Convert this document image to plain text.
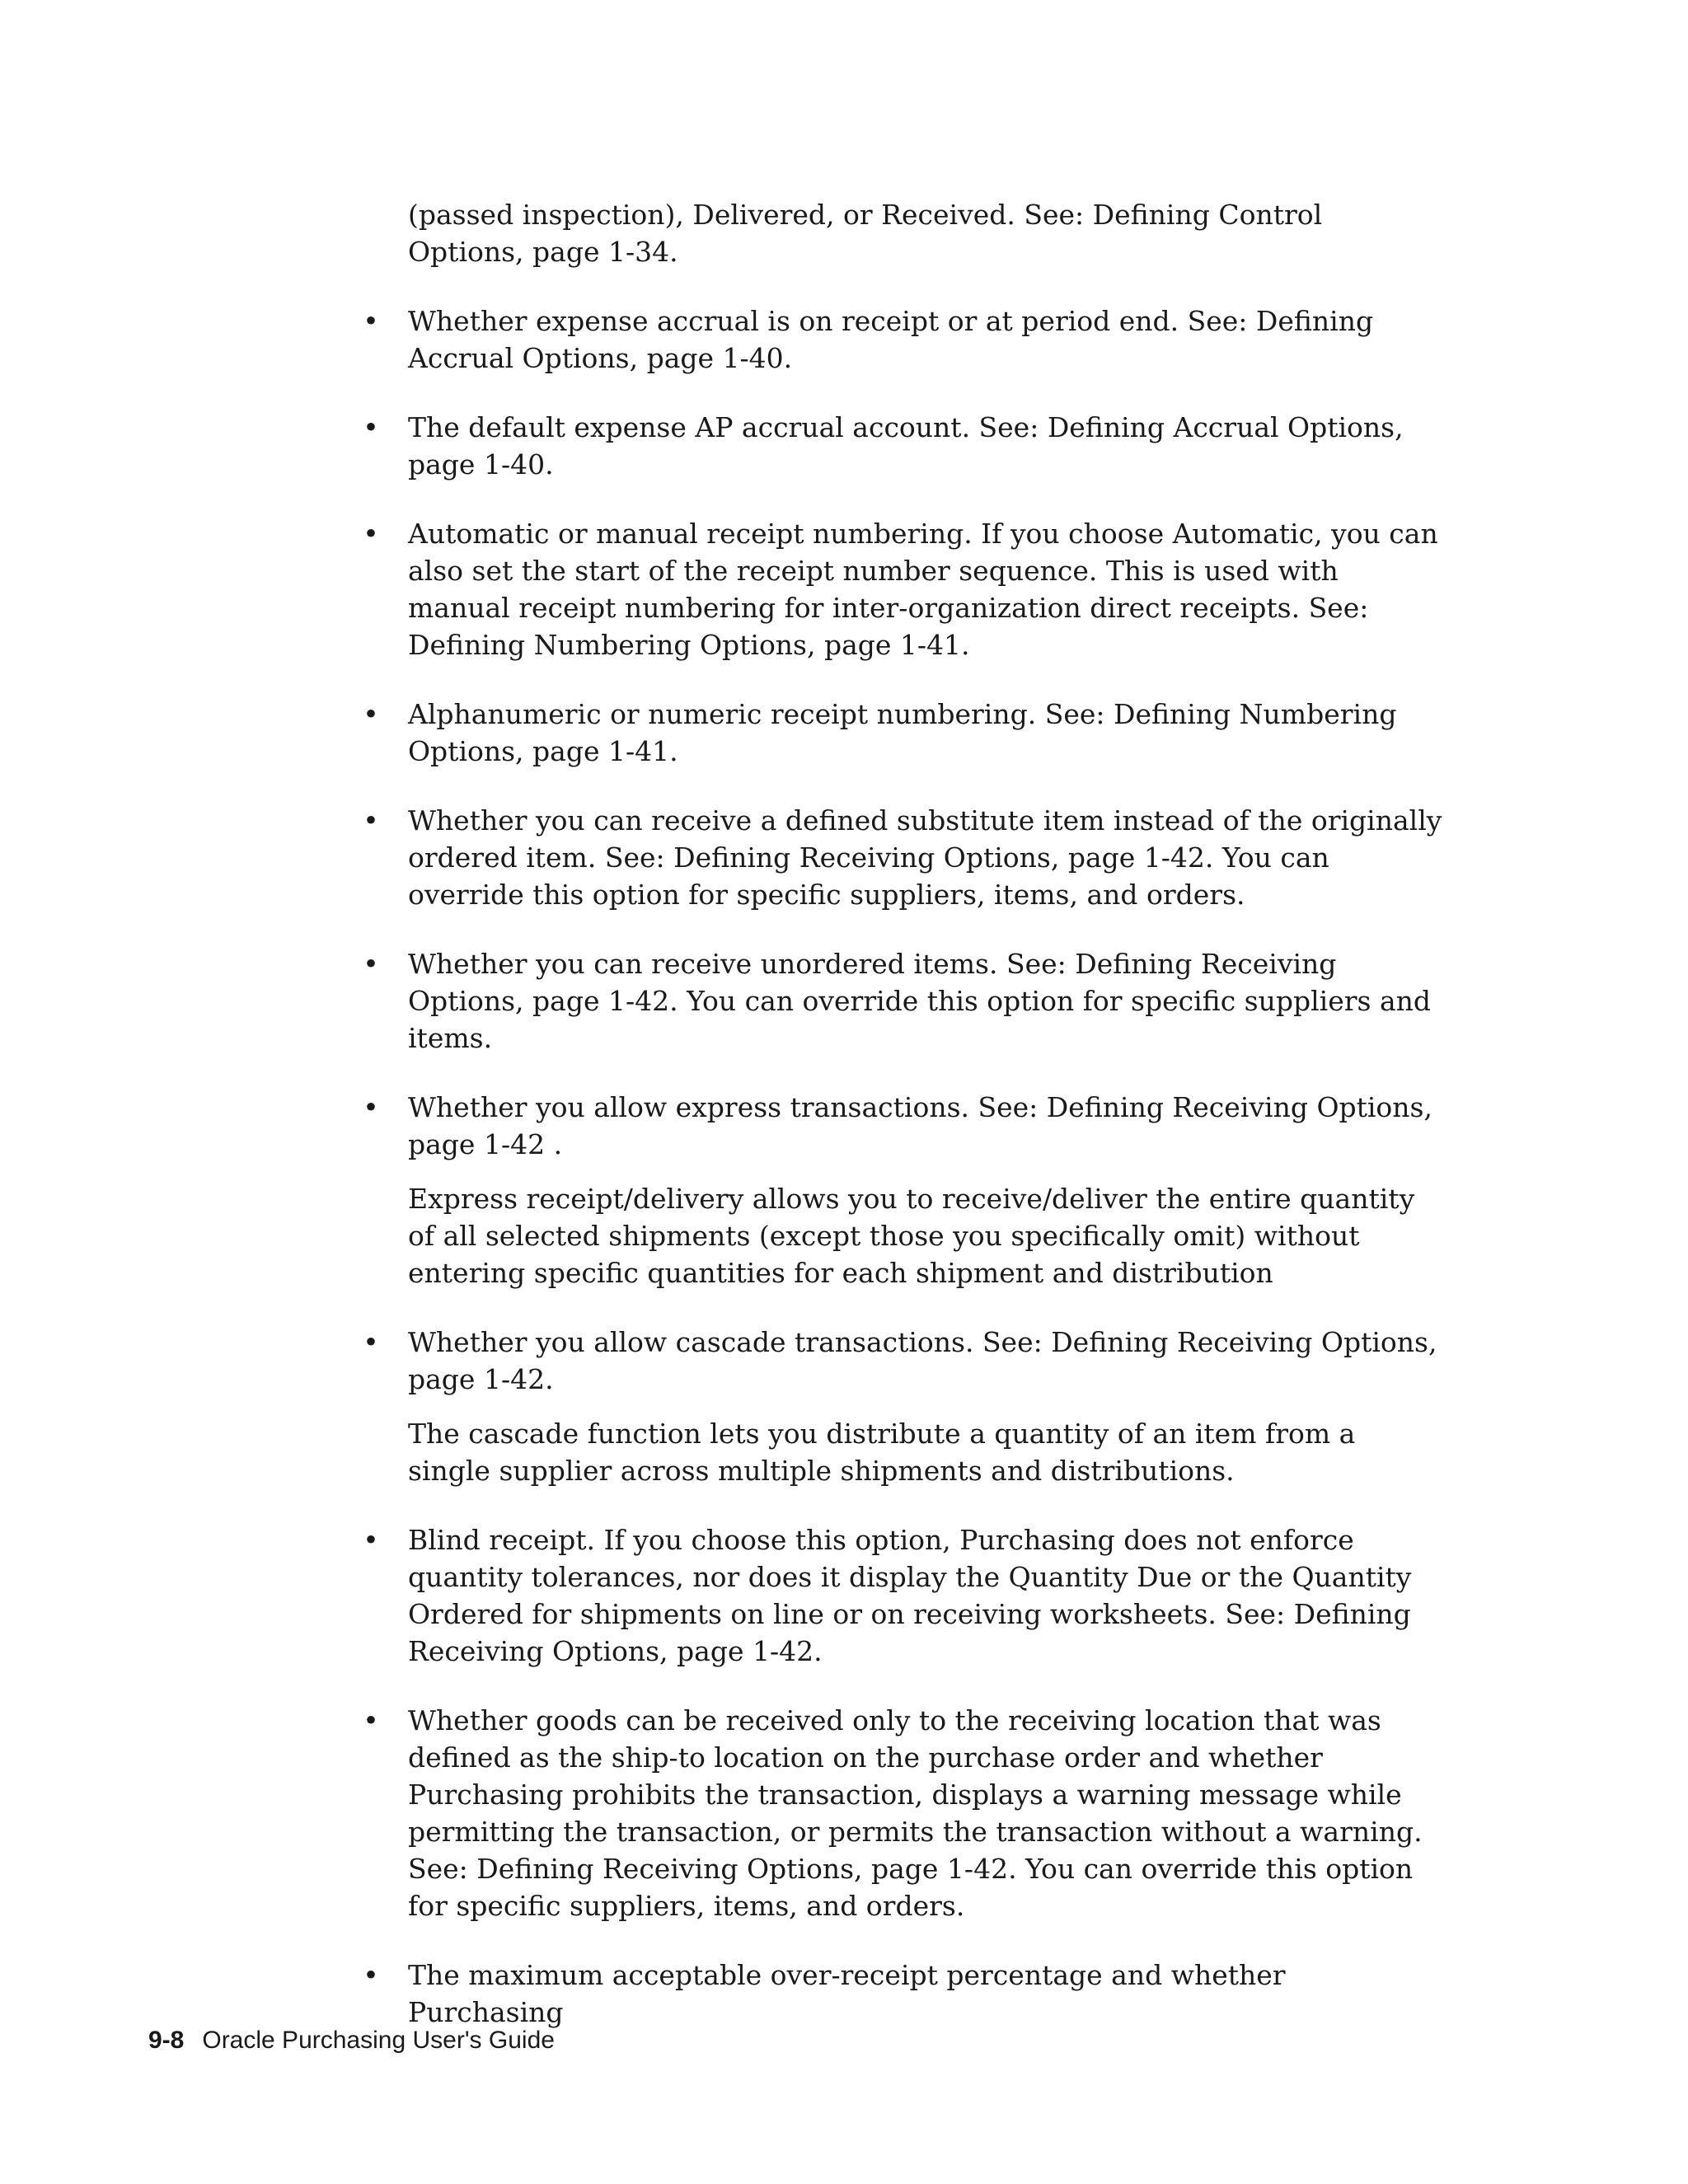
(passed inspection), Delivered, or Received. See: Defining Control Options, page 1-34.

• Whether expense accrual is on receipt or at period end. See: Defining Accrual Options, page 1-40.
• The default expense AP accrual account. See: Defining Accrual Options, page 1-40.
• Automatic or manual receipt numbering. If you choose Automatic, you can also set the start of the receipt number sequence. This is used with manual receipt numbering for inter-organization direct receipts. See: Defining Numbering Options, page 1-41.
• Alphanumeric or numeric receipt numbering. See: Defining Numbering Options, page 1-41.
• Whether you can receive a defined substitute item instead of the originally ordered item. See: Defining Receiving Options, page 1-42. You can override this option for specific suppliers, items, and orders.
• Whether you can receive unordered items. See: Defining Receiving Options, page 1-42. You can override this option for specific suppliers and items.
• Whether you allow express transactions. See: Defining Receiving Options, page 1-42 .
Express receipt/delivery allows you to receive/deliver the entire quantity of all selected shipments (except those you specifically omit) without entering specific quantities for each shipment and distribution
• Whether you allow cascade transactions. See: Defining Receiving Options, page 1-42.
The cascade function lets you distribute a quantity of an item from a single supplier across multiple shipments and distributions.
• Blind receipt. If you choose this option, Purchasing does not enforce quantity tolerances, nor does it display the Quantity Due or the Quantity Ordered for shipments on line or on receiving worksheets. See: Defining Receiving Options, page 1-42.
• Whether goods can be received only to the receiving location that was defined as the ship-to location on the purchase order and whether Purchasing prohibits the transaction, displays a warning message while permitting the transaction, or permits the transaction without a warning. See: Defining Receiving Options, page 1-42. You can override this option for specific suppliers, items, and orders.
• The maximum acceptable over-receipt percentage and whether Purchasing
9-8 Oracle Purchasing User's Guide
